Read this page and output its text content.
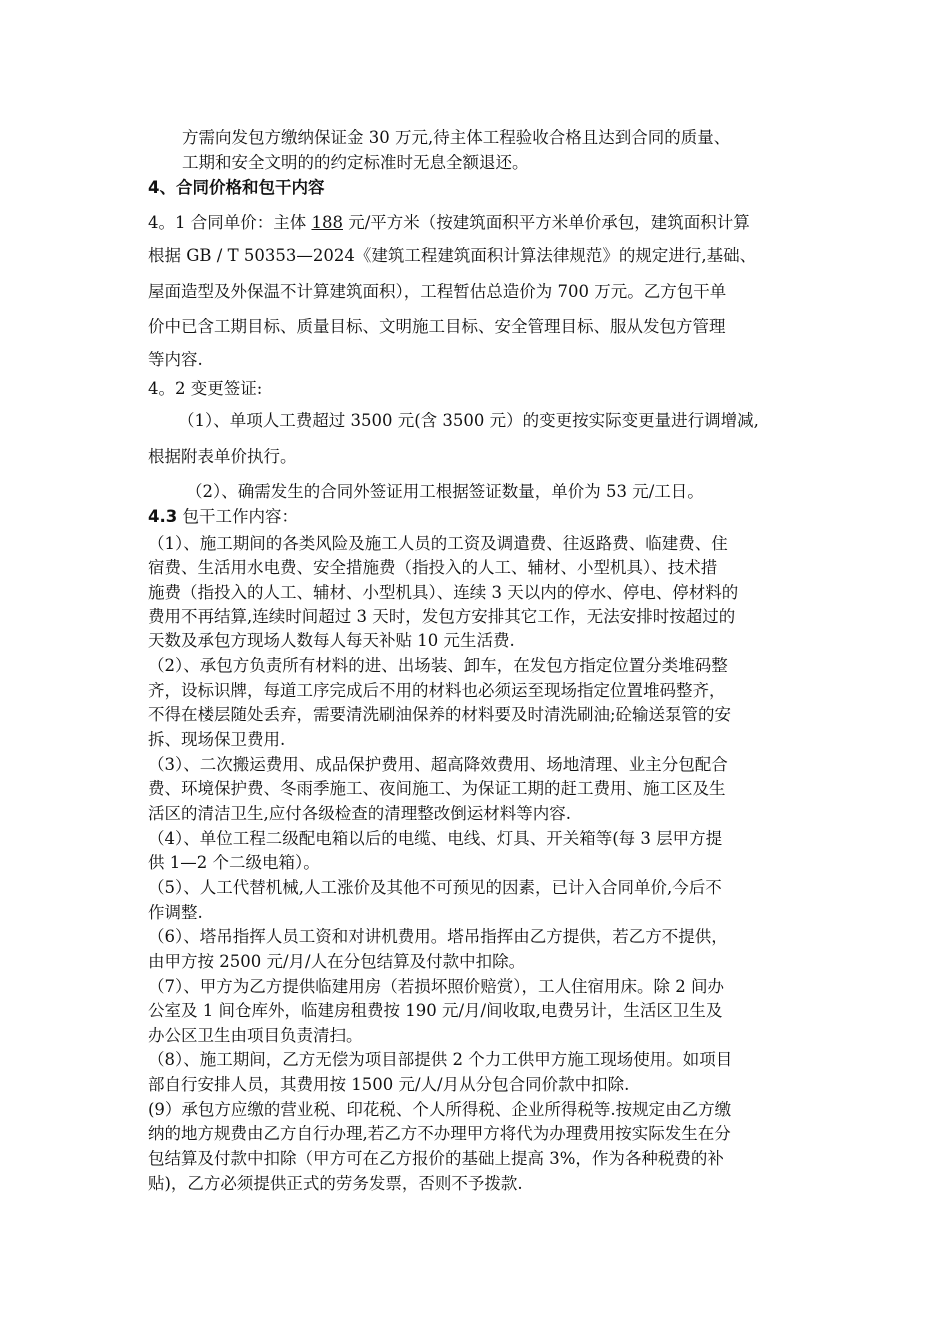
方需向发包方缴纳保证金 30 万元,待主体工程验收合格且达到合同的质量、
工期和安全文明的的约定标准时无息全额退还。
4、合同价格和包干内容
4。1 合同单价：主体 188 元/平方米（按建筑面积平方米单价承包，建筑面积计算
根据 GB / T 50353—2024《建筑工程建筑面积计算法律规范》的规定进行,基础、
屋面造型及外保温不计算建筑面积），工程暂估总造价为 700 万元。乙方包干单
价中已含工期目标、质量目标、文明施工目标、安全管理目标、服从发包方管理
等内容.
4。2 变更签证:
（1）、单项人工费超过 3500 元(含 3500 元）的变更按实际变更量进行调增减,
根据附表单价执行。
（2）、确需发生的合同外签证用工根据签证数量，单价为 53 元/工日。
4.3 包干工作内容：
（1）、施工期间的各类风险及施工人员的工资及调遣费、往返路费、临建费、住
宿费、生活用水电费、安全措施费（指投入的人工、辅材、小型机具）、技术措
施费（指投入的人工、辅材、小型机具）、连续 3 天以内的停水、停电、停材料的
费用不再结算,连续时间超过 3 天时，发包方安排其它工作，无法安排时按超过的
天数及承包方现场人数每人每天补贴 10 元生活费.
（2）、承包方负责所有材料的进、出场装、卸车，在发包方指定位置分类堆码整
齐，设标识牌，每道工序完成后不用的材料也必须运至现场指定位置堆码整齐，
不得在楼层随处丢弃，需要清洗刷油保养的材料要及时清洗刷油;砼输送泵管的安
拆、现场保卫费用.
（3）、二次搬运费用、成品保护费用、超高降效费用、场地清理、业主分包配合
费、环境保护费、冬雨季施工、夜间施工、为保证工期的赶工费用、施工区及生
活区的清洁卫生,应付各级检查的清理整改倒运材料等内容.
（4）、单位工程二级配电箱以后的电缆、电线、灯具、开关箱等(每 3 层甲方提
供 1—2 个二级电箱）。
（5）、人工代替机械,人工涨价及其他不可预见的因素，已计入合同单价,今后不
作调整.
（6）、塔吊指挥人员工资和对讲机费用。塔吊指挥由乙方提供，若乙方不提供，
由甲方按 2500 元/月/人在分包结算及付款中扣除。
（7）、甲方为乙方提供临建用房（若损坏照价赔赏），工人住宿用床。除 2 间办
公室及 1 间仓库外，临建房租费按 190 元/月/间收取,电费另计，生活区卫生及
办公区卫生由项目负责清扫。
（8）、施工期间，乙方无偿为项目部提供 2 个力工供甲方施工现场使用。如项目
部自行安排人员，其费用按 1500 元/人/月从分包合同价款中扣除.
(9）承包方应缴的营业税、印花税、个人所得税、企业所得税等.按规定由乙方缴
纳的地方规费由乙方自行办理,若乙方不办理甲方将代为办理费用按实际发生在分
包结算及付款中扣除（甲方可在乙方报价的基础上提高 3%，作为各种税费的补
贴)，乙方必须提供正式的劳务发票，否则不予拨款.
